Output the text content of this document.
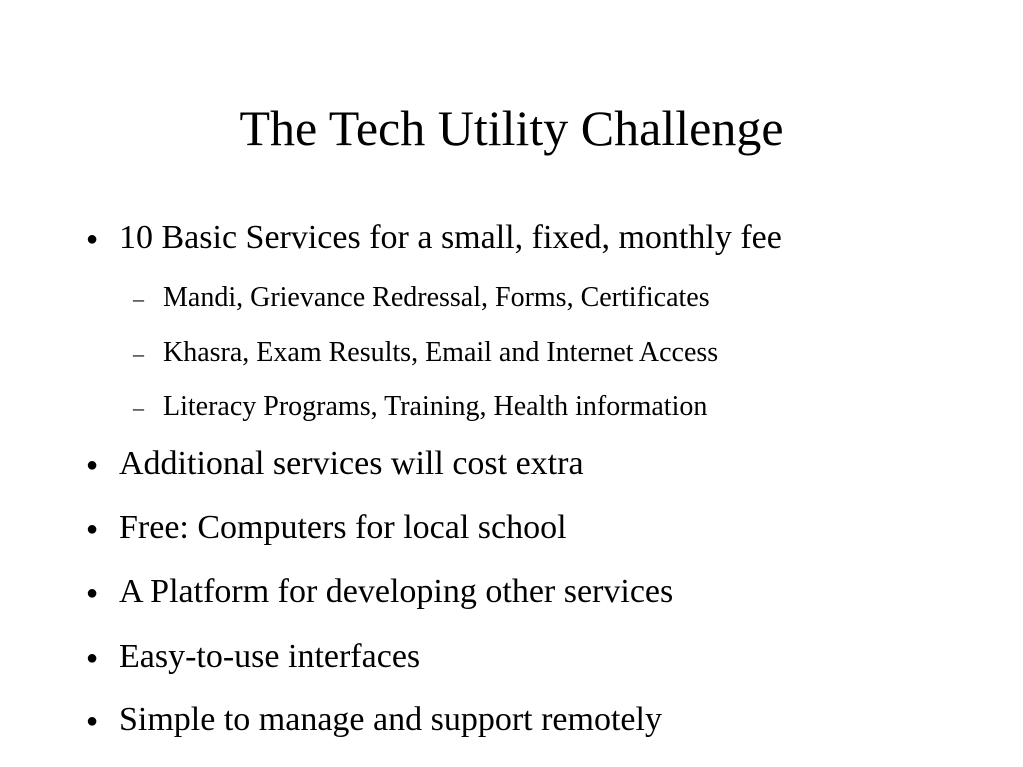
The Tech Utility Challenge
● 10 Basic Services for a small, fixed, monthly fee
– Mandi, Grievance Redressal, Forms, Certificates
– Khasra, Exam Results, Email and Internet Access
– Literacy Programs, Training, Health information
● Additional services will cost extra
● Free: Computers for local school
● A Platform for developing other services
● Easy-to-use interfaces
● Simple to manage and support remotely
